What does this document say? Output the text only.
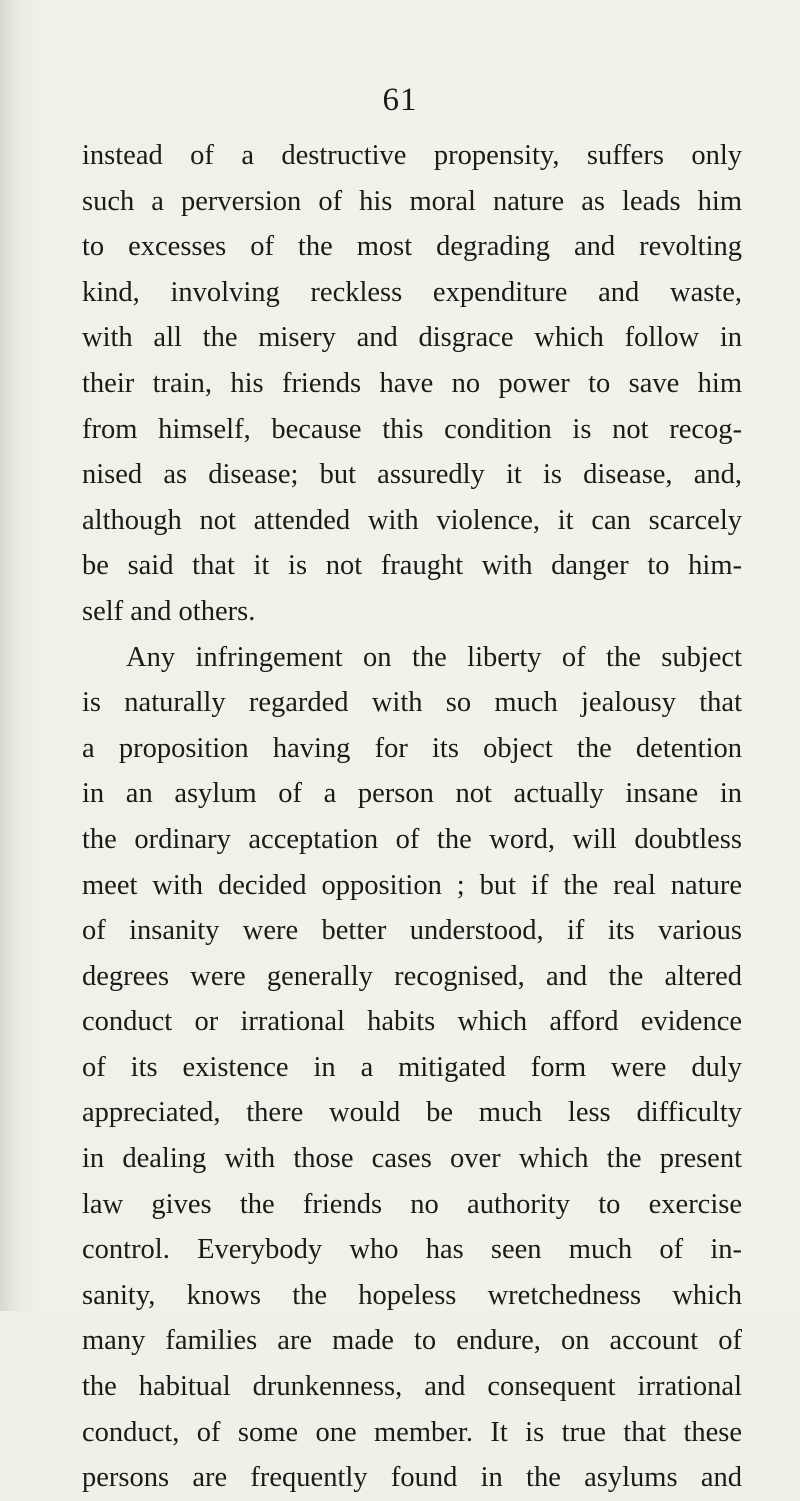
61
instead of a destructive propensity, suffers only
such a perversion of his moral nature as leads him
to excesses of the most degrading and revolting
kind, involving reckless expenditure and waste,
with all the misery and disgrace which follow in
their train, his friends have no power to save him
from himself, because this condition is not recog-
nised as disease; but assuredly it is disease, and,
although not attended with violence, it can scarcely
be said that it is not fraught with danger to him-
self and others.
Any infringement on the liberty of the subject
is naturally regarded with so much jealousy that
a proposition having for its object the detention
in an asylum of a person not actually insane in
the ordinary acceptation of the word, will doubtless
meet with decided opposition ; but if the real nature
of insanity were better understood, if its various
degrees were generally recognised, and the altered
conduct or irrational habits which afford evidence
of its existence in a mitigated form were duly
appreciated, there would be much less difficulty
in dealing with those cases over which the present
law gives the friends no authority to exercise
control. Everybody who has seen much of in-
sanity, knows the hopeless wretchedness which
many families are made to endure, on account of
the habitual drunkenness, and consequent irrational
conduct, of some one member. It is true that these
persons are frequently found in the asylums and
